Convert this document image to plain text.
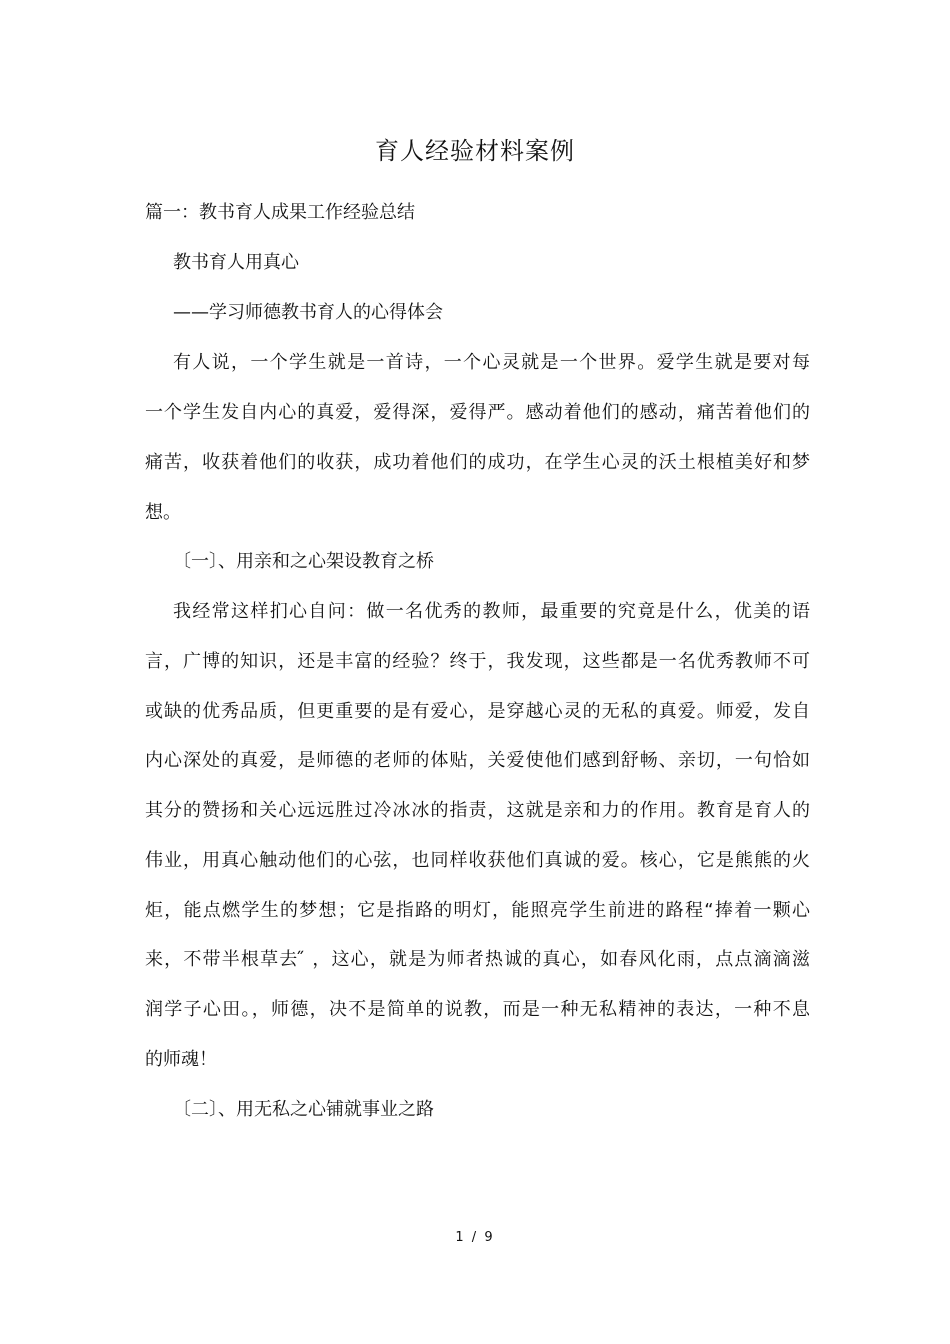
育人经验材料案例

篇一：教书育人成果工作经验总结

教书育人用真心

——学习师德教书育人的心得体会

有人说，一个学生就是一首诗，一个心灵就是一个世界。爱学生就是要对每

一个学生发自内心的真爱，爱得深，爱得严。感动着他们的感动，痛苦着他们的

痛苦，收获着他们的收获，成功着他们的成功，在学生心灵的沃土根植美好和梦

想。

〔一〕、用亲和之心架设教育之桥

我经常这样扪心自问：做一名优秀的教师，最重要的究竟是什么，优美的语

言，广博的知识，还是丰富的经验？终于，我发现，这些都是一名优秀教师不可

或缺的优秀品质，但更重要的是有爱心，是穿越心灵的无私的真爱。师爱，发自

内心深处的真爱，是师德的老师的体贴，关爱使他们感到舒畅、亲切，一句恰如

其分的赞扬和关心远远胜过冷冰冰的指责，这就是亲和力的作用。教育是育人的

伟业，用真心触动他们的心弦，也同样收获他们真诚的爱。核心，它是熊熊的火

炬，能点燃学生的梦想；它是指路的明灯，能照亮学生前进的路程“捧着一颗心

来，不带半根草去 ̋ ，这心，就是为师者热诚的真心，如春风化雨，点点滴滴滋

润学子心田。，师德，决不是简单的说教，而是一种无私精神的表达，一种不息

的师魂！

〔二〕、用无私之心铺就事业之路

1 / 9
